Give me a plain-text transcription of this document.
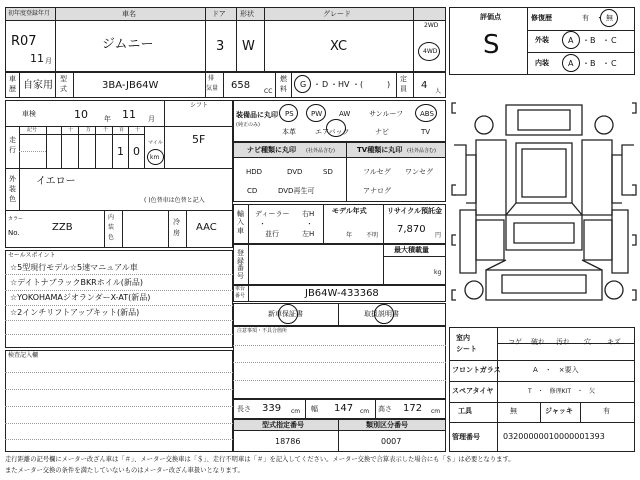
初年度登録年月	車名	ドア 形状	グレード
R07
11 月
ジムニー	3 W	XC
2WD
4WD
車
歴 自家用
型
式	3BA-JB64W
排
気量 658
CC
燃
料 G ・ D ・ HV ・ (	)
定
員 4
人
車検	10 年 11 月
シフト
5F
走
行
記号	十	万 千 百 十
1 0
マイル
km
外
装
色
イエロー
( )色替車は色替と記入
カラー
No.	ZZB
内
装
色
冷
房 AAC
セールスポイント
☆5型現行モデル☆5速マニュアル車
☆デイトナブラックBKRホイル(新品)
☆YOKOHAMAジオランダーX-AT(新品)
☆2インチリフトアップキット(新品)
検査記入欄
装備品に丸印
(純正のみ)
PS PW AW	サンルーフ ABS
本革	エアバック	ナビ	TV
ナビ種類に丸印 (社外品含む)	TV種類に丸印 (社外品含む)
HDD	DVD	SD
CD	DVD再生可
フルセグ ワンセグ
アナログ
輸入車
ディーラー
・
並行
右H
・
左H
モデル年式
年 不明
リサイクル預託金
7,870
円
登録番号
最大積載量
kg
車台
番号	JB64W-433368
新車保証書	取扱説明書
注意事項・不具合箇所
長さ 339 cm 幅 147 cm 高さ 172 cm
型式指定番号	類別区分番号
18786	0007
評価点
S
修復歴	有 ・ 無
外装 A ・ B ・ C
内装 A ・ B ・ C
室内
シート
コゲ 破れ 汚れ 穴 キズ
フロントガラス	A　・　×要入
スペアタイヤ	T　・　修理KIT　・　欠
工具	無	ジャッキ	有
管理番号	03200000010000001393
走行距離の記号欄にメーター改ざん車は「＃」、メーター交換車は「＄」、走行不明車は「＃」を記入してください。メーター交換で合算表示した場合にも「＄」は必要となります。
またメーター交換の条件を満たしていないものはメーター改ざん車扱いとなります。
